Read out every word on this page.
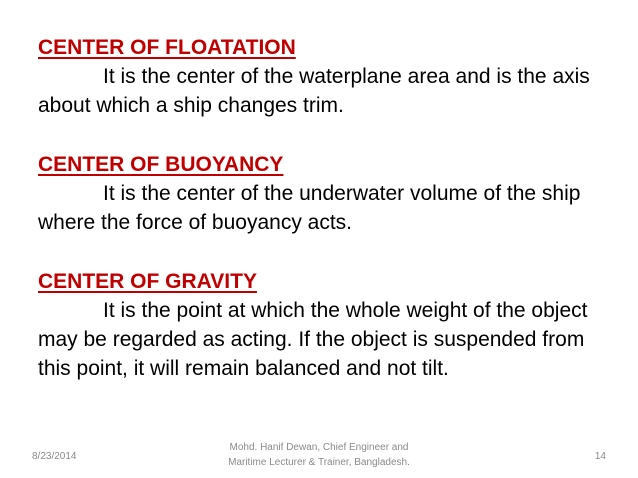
CENTER OF FLOATATION
It is the center of the waterplane area and is the axis about which a ship changes trim.
CENTER OF BUOYANCY
It is the center of the underwater volume of the ship where the force of buoyancy acts.
CENTER OF GRAVITY
It is the point at which the whole weight of the object may be regarded as acting. If the object is suspended from this point, it will remain balanced and not tilt.
8/23/2014
Mohd. Hanif Dewan, Chief Engineer and
Maritime Lecturer & Trainer, Bangladesh.
14
